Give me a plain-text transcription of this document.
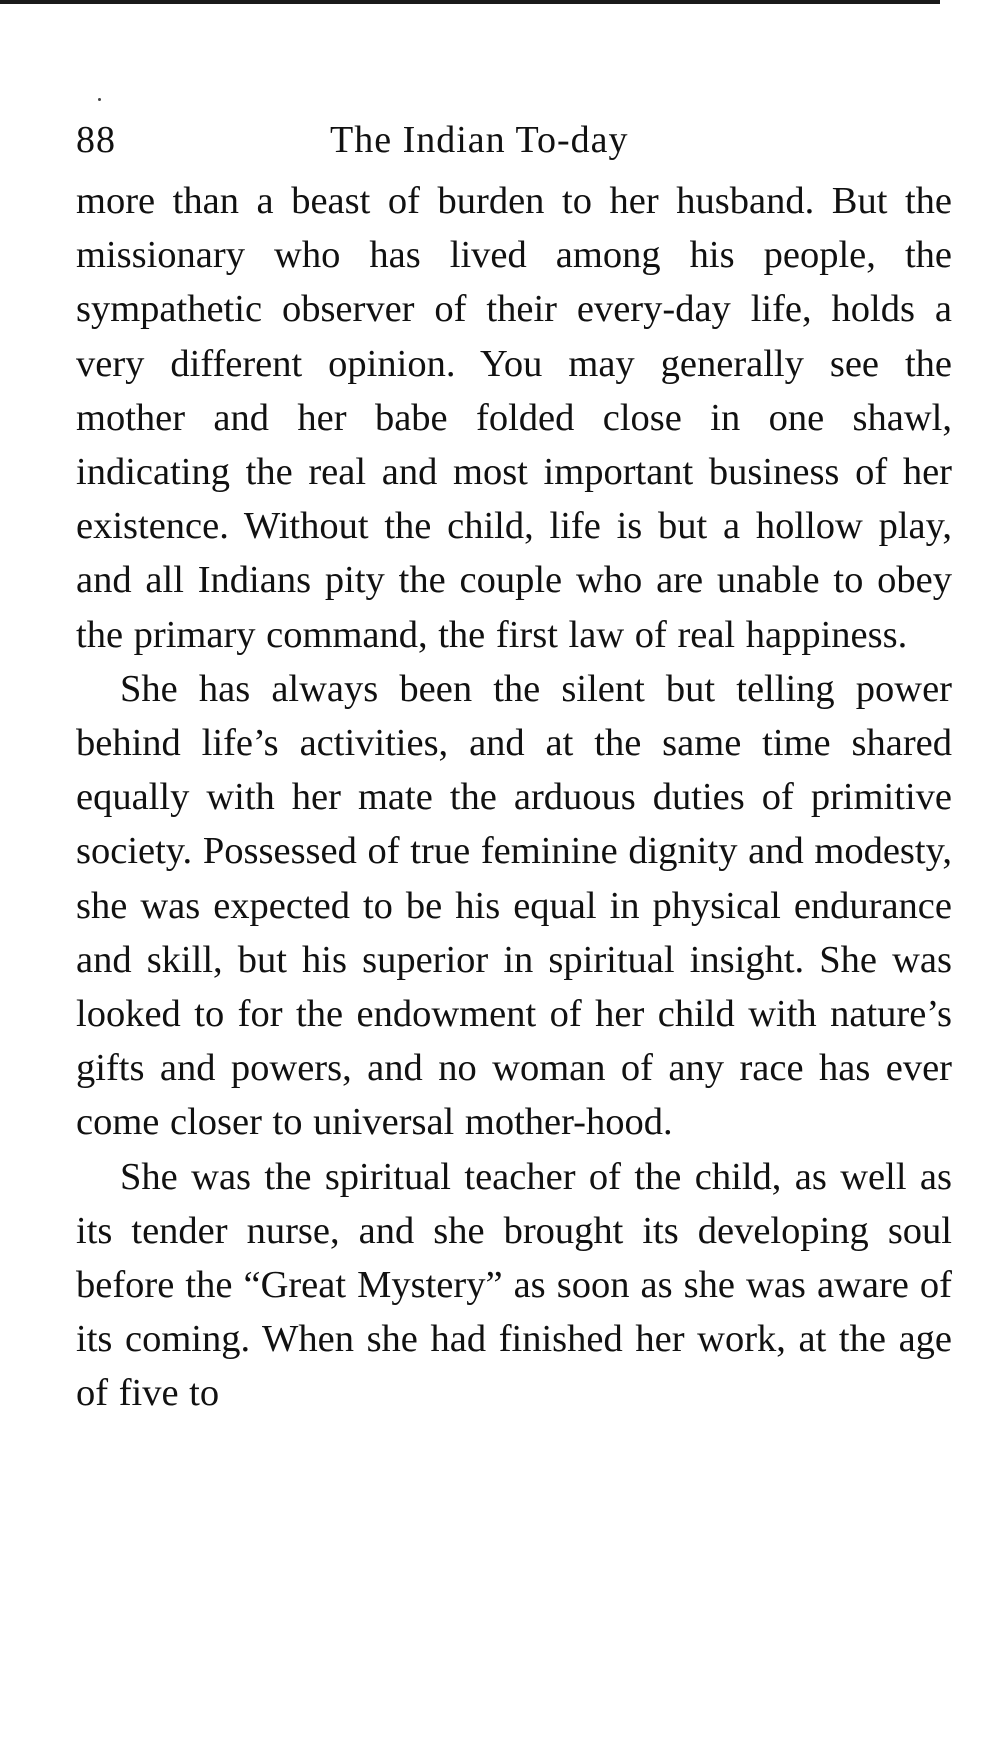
88	The Indian To-day

more than a beast of burden to her husband. But the missionary who has lived among his people, the sympathetic observer of their every-day life, holds a very different opinion. You may generally see the mother and her babe folded close in one shawl, indicating the real and most important business of her existence. Without the child, life is but a hollow play, and all Indians pity the couple who are unable to obey the primary command, the first law of real happiness.

She has always been the silent but telling power behind life’s activities, and at the same time shared equally with her mate the arduous duties of primitive society. Possessed of true feminine dignity and modesty, she was expected to be his equal in physical endurance and skill, but his superior in spiritual insight. She was looked to for the endowment of her child with nature’s gifts and powers, and no woman of any race has ever come closer to universal mother-hood.

She was the spiritual teacher of the child, as well as its tender nurse, and she brought its developing soul before the “Great Mystery” as soon as she was aware of its coming. When she had finished her work, at the age of five to
